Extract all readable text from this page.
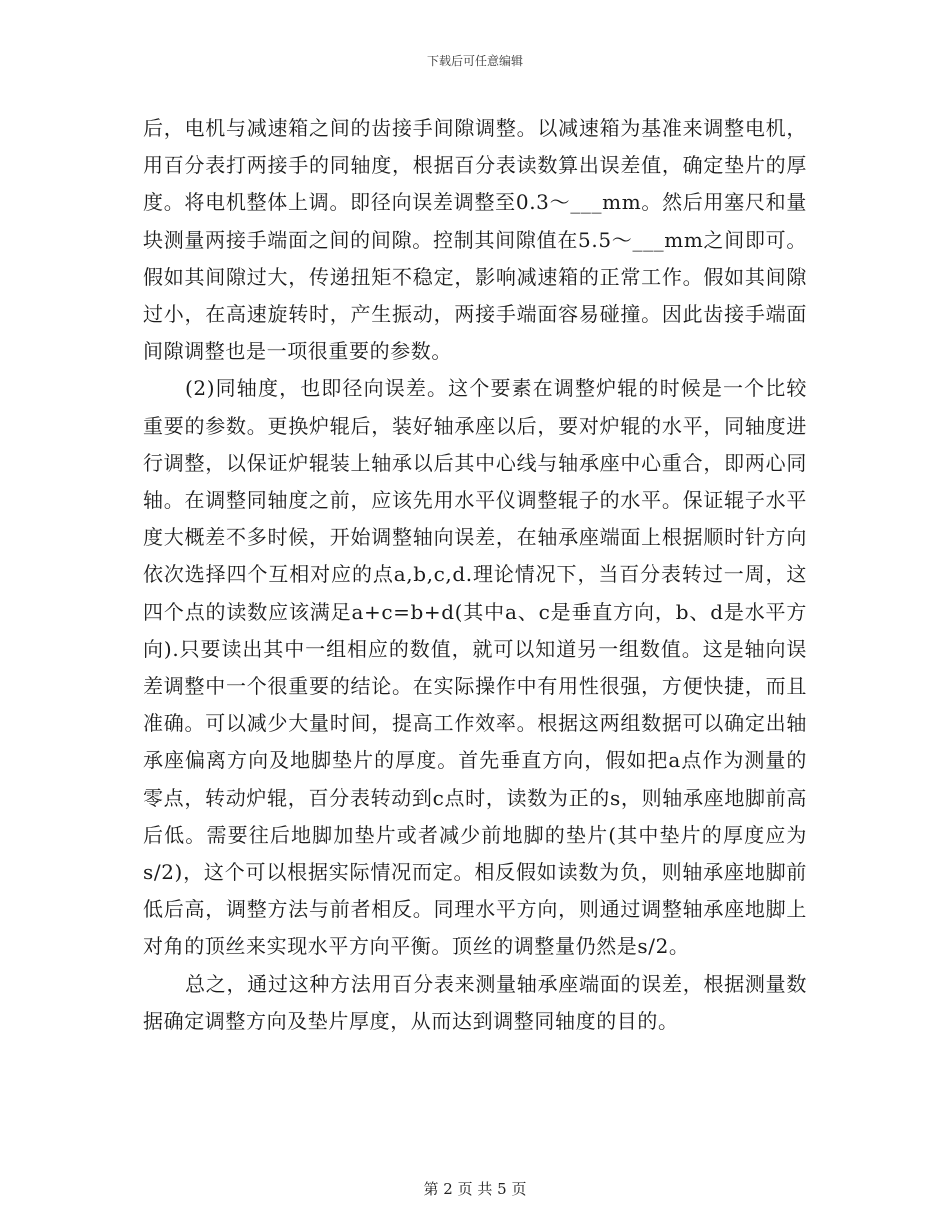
下载后可任意编辑

后，电机与减速箱之间的齿接手间隙调整。以减速箱为基准来调整电机，用百分表打两接手的同轴度，根据百分表读数算出误差值，确定垫片的厚度。将电机整体上调。即径向误差调整至0.3～___mm。然后用塞尺和量块测量两接手端面之间的间隙。控制其间隙值在5.5～___mm之间即可。假如其间隙过大，传递扭矩不稳定，影响减速箱的正常工作。假如其间隙过小，在高速旋转时，产生振动，两接手端面容易碰撞。因此齿接手端面间隙调整也是一项很重要的参数。

(2)同轴度，也即径向误差。这个要素在调整炉辊的时候是一个比较重要的参数。更换炉辊后，装好轴承座以后，要对炉辊的水平，同轴度进行调整，以保证炉辊装上轴承以后其中心线与轴承座中心重合，即两心同轴。在调整同轴度之前，应该先用水平仪调整辊子的水平。保证辊子水平度大概差不多时候，开始调整轴向误差，在轴承座端面上根据顺时针方向依次选择四个互相对应的点a,b,c,d.理论情况下，当百分表转过一周，这四个点的读数应该满足a+c=b+d(其中a、c是垂直方向，b、d是水平方向).只要读出其中一组相应的数值，就可以知道另一组数值。这是轴向误差调整中一个很重要的结论。在实际操作中有用性很强，方便快捷，而且准确。可以减少大量时间，提高工作效率。根据这两组数据可以确定出轴承座偏离方向及地脚垫片的厚度。首先垂直方向，假如把a点作为测量的零点，转动炉辊，百分表转动到c点时，读数为正的s，则轴承座地脚前高后低。需要往后地脚加垫片或者减少前地脚的垫片(其中垫片的厚度应为s/2)，这个可以根据实际情况而定。相反假如读数为负，则轴承座地脚前低后高，调整方法与前者相反。同理水平方向，则通过调整轴承座地脚上对角的顶丝来实现水平方向平衡。顶丝的调整量仍然是s/2。

总之，通过这种方法用百分表来测量轴承座端面的误差，根据测量数据确定调整方向及垫片厚度，从而达到调整同轴度的目的。

第 2 页 共 5 页
